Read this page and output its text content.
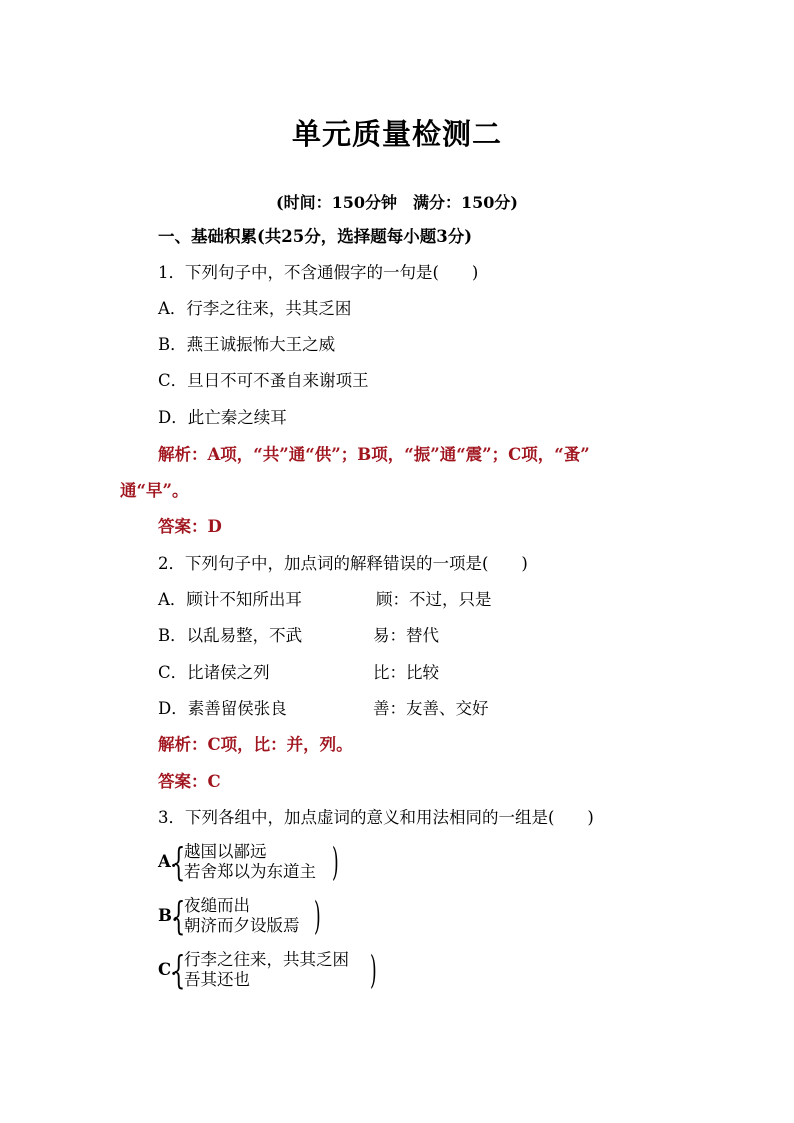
单元质量检测二
(时间：150分钟　满分：150分)
一、基础积累(共25分，选择题每小题3分)
1．下列句子中，不含通假字的一句是(　　)
A．行李之往来，共其乏困
B．燕王诚振怖大王之威
C．旦日不可不蚤自来谢项王
D．此亡秦之续耳
解析：A项，“共”通“供”；B项，“振”通“震”；C项，“蚤”
通“早”。
答案：D
2．下列句子中，加点词的解释错误的一项是(　　)
A．顾计不知所出耳	顾：不过，只是
B．以乱易整，不武	易：替代
C．比诸侯之列	比：比较
D．素善留侯张良	善：友善、交好
解析：C项，比：并，列。
答案：C
3．下列各组中，加点虚词的意义和用法相同的一组是(　　)
A.
{
越国以鄙远
若舍郑以为东道主 )
B.
{
夜缒而出
朝济而夕设版焉 )
C.
{
行李之往来，共其乏困
吾其还也	)
